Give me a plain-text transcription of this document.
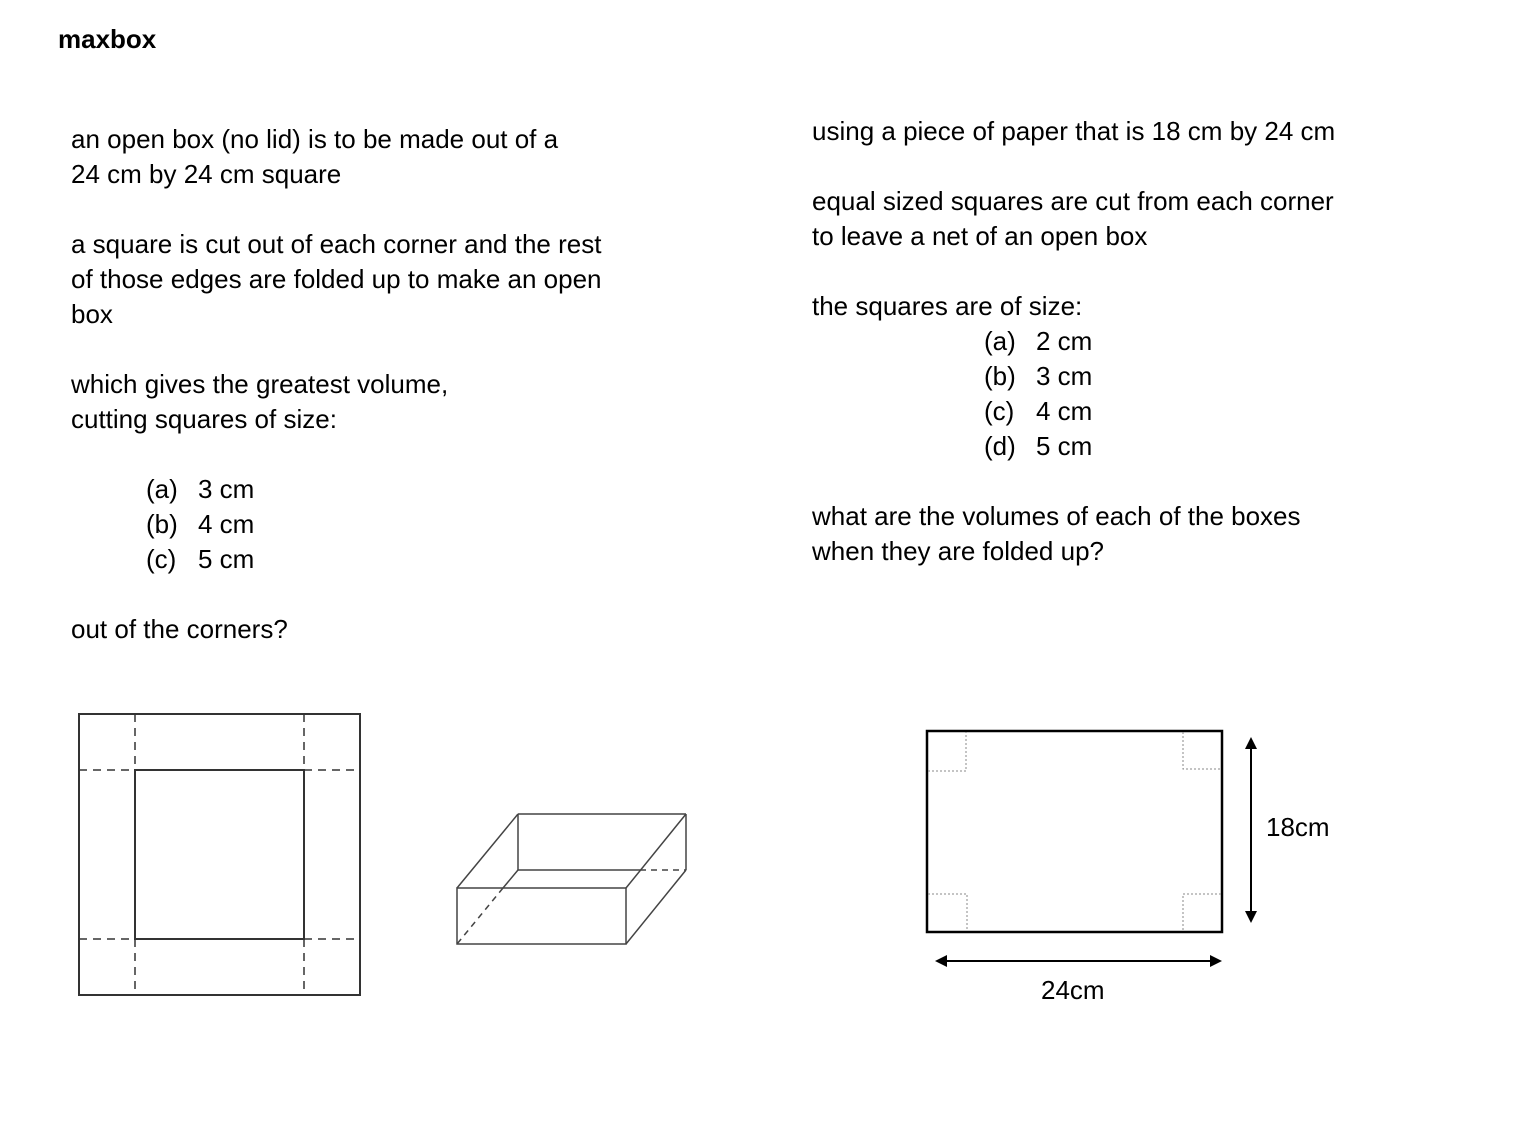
maxbox
an open box (no lid) is to be made out of a
24 cm by 24 cm square
a square is cut out of each corner and the rest
of those edges are folded up to make an open
box
which gives the greatest volume,
cutting squares of size:
(a) 3 cm
(b) 4 cm
(c) 5 cm
out of the corners?
using a piece of paper that is 18 cm by 24 cm
equal sized squares are cut from each corner
to leave a net of an open box
the squares are of size:
(a) 2 cm
(b) 3 cm
(c) 4 cm
(d) 5 cm
what are the volumes of each of the boxes
when they are folded up?
18cm
24cm
